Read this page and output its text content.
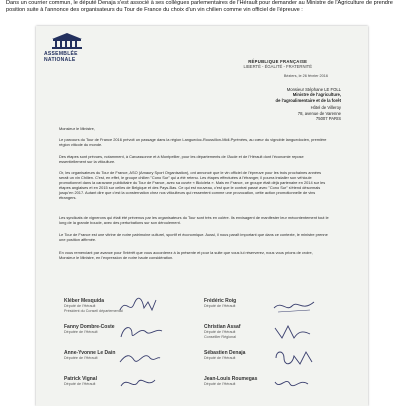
Dans un courrier commun, le député Denaja s'est associé à ses collègues parlementaires de l'Hérault pour demander au Ministre de l'Agriculture de prendre position suite à l'annonce des organisateurs du Tour de France du choix d'un vin chilien comme vin officiel de l'épreuve :
ASSEMBLÉE
NATIONALE	RÉPUBLIQUE FRANÇAISE
LIBERTÉ - ÉGALITÉ - FRATERNITÉ
Béziers, le 26 février 2016
Monsieur Stéphane LE FOLL
Ministre de l'agriculture,
de l'agroalimentaire et de la forêt
Hôtel de Villeroy
78, avenue de Varenne
75007 PARIS

Monsieur le Ministre,

Le parcours du Tour de France 2016 prévoit un passage dans la région Languedoc-Roussillon-Midi-Pyrénées, au cœur du vignoble languedocien, première région viticole du monde.

Des étapes sont prévues, notamment, à Carcassonne et à Montpellier, pour les départements de l'Aude et de l'Hérault dont l'économie repose essentiellement sur la viticulture.

Or, les organisateurs du Tour de France, ASO (Amaury Sport Organisation), ont annoncé que le vin officiel de l'épreuve pour les trois prochaines années serait un vin Chilien. C'est, en effet, le groupe chilien "Cono Sur" qui a été retenu. Les étapes effectuées à l'étranger, il pourra installer son véhicule promotionnel dans la caravane publicitaire du Tour de France, avec sa cuvée « Bicicleta ». Mais en France, ce groupe était déjà partenaire en 2014 sur les étapes anglaises et en 2015 sur celles de Belgique et des Pays-Bas. Ce qui est nouveau, c'est que le contrat passé avec "Cono Sur" s'étend désormais jusqu'en 2017. Autant dire que c'est la consternation chez nos viticulteurs qui ressentent comme une provocation, cette action promotionnelle de vins étrangers.

Les syndicats de vignerons qui était été prévenus par les organisateurs du Tour sont très en colère. Ils envisagent de manifester leur mécontentement tout le long de la grande boucle, avec des perturbations sur son déroulement.

Le Tour de France est une vitrine de notre patrimoine culturel, sportif et économique. Aussi, il nous paraît important que dans ce contexte, le ministre prenne une position affirmée.

En vous remerciant par avance pour l'intérêt que vous accorderez à la présente et pour la suite que vous lui réserverez, nous vous prions de croire, Monsieur le Ministre, en l'expression de notre haute considération.

Kléber Mesquida
Député de l'Hérault
Président du Conseil départemental
Frédéric Roig
Député de l'Hérault
Fanny Dombre-Coste
Députée de l'Hérault
Christian Assaf
Député de l'Hérault
Conseiller Régional
Anne-Yvonne Le Dain
Députée de l'Hérault
Sébastien Denaja
Député de l'Hérault
Patrick Vignal
Député de l'Hérault
Jean-Louis Roumegas
Député de l'Hérault
